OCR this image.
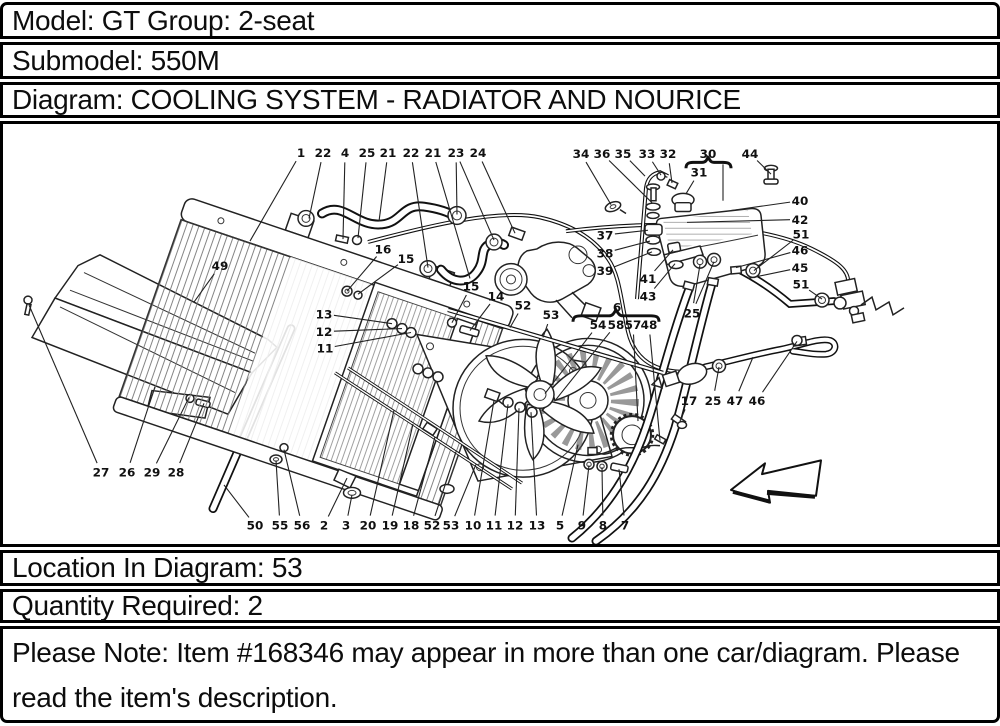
Model: GT Group: 2-seat
Submodel: 550M
Diagram: COOLING SYSTEM - RADIATOR AND NOURICE
1 22 4 25 21 22 21 23 24	34 36 35 33 32 30
31
44
40
42
51
46
45
51
37
38
39
41
43
25
6
54 58 57 48
49
16
15
13
12
11
15
14
52
53
17 25 47 46
27 26 29 28
50 55 56 2 3 20 19 18 52 53 10 11 12 13 5 9 8 7
Location In Diagram: 53
Quantity Required: 2
Please Note: Item #168346 may appear in more than one car/diagram. Please read the item's description.
